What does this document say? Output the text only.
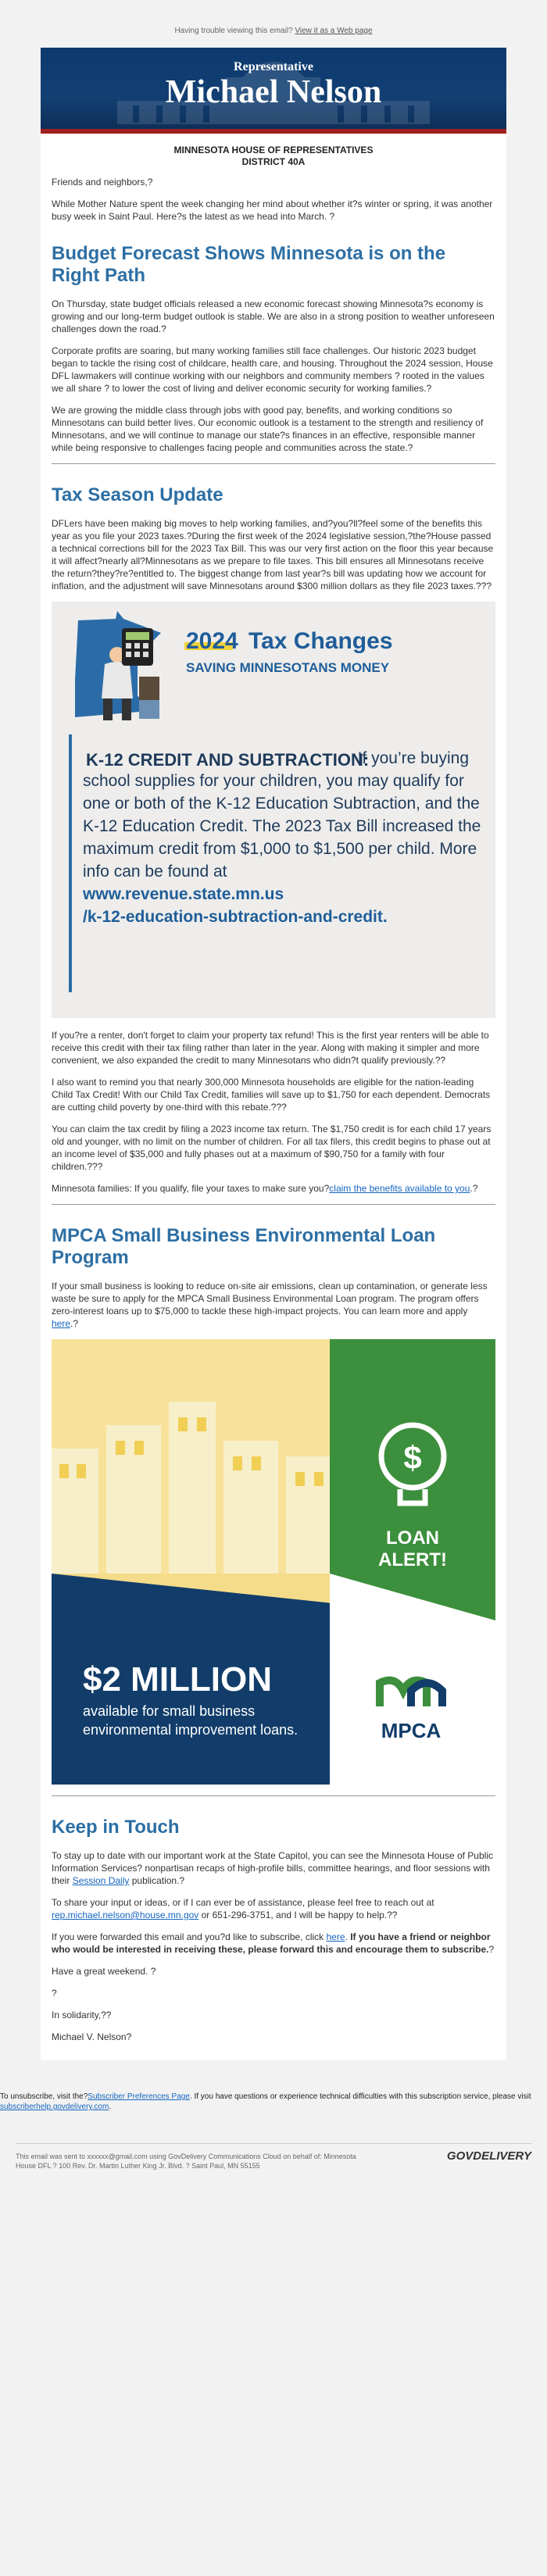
Having trouble viewing this email? View it as a Web page
Representative
Michael Nelson
MINNESOTA HOUSE OF REPRESENTATIVES
DISTRICT 40A

Friends and neighbors,?

While Mother Nature spent the week changing her mind about whether it?s winter or spring, it was another busy week in Saint Paul. Here?s the latest as we head into March. ?

Budget Forecast Shows Minnesota is on the Right Path

On Thursday, state budget officials released a new economic forecast showing Minnesota?s economy is growing and our long-term budget outlook is stable. We are also in a strong position to weather unforeseen challenges down the road.?

Corporate profits are soaring, but many working families still face challenges. Our historic 2023 budget began to tackle the rising cost of childcare, health care, and housing. Throughout the 2024 session, House DFL lawmakers will continue working with our neighbors and community members ? rooted in the values we all share ? to lower the cost of living and deliver economic security for working families.?

We are growing the middle class through jobs with good pay, benefits, and working conditions so Minnesotans can build better lives. Our economic outlook is a testament to the strength and resiliency of Minnesotans, and we will continue to manage our state?s finances in an effective, responsible manner while being responsive to challenges facing people and communities across the state.?

Tax Season Update

DFLers have been making big moves to help working families, and?you?ll?feel some of the benefits this year as you file your 2023 taxes.?During the first week of the 2024 legislative session,?the?House passed a technical corrections bill for the 2023 Tax Bill. This was our very first action on the floor this year because it will affect?nearly all?Minnesotans as we prepare to file taxes. This bill ensures all Minnesotans receive the return?they?re?entitled to. The biggest change from last year?s bill was updating how we account for inflation, and the adjustment will save Minnesotans around $300 million dollars as they file 2023 taxes.???

2024 Tax Changes
SAVING MINNESOTANS MONEY
K-12 CREDIT AND SUBTRACTION:
If you’re buying school supplies for your children, you may qualify for one or both of the K-12 Education Subtraction, and the K-12 Education Credit. The 2023 Tax Bill increased the maximum credit from $1,000 to $1,500 per child. More info can be found at
www.revenue.state.mn.us
/k-12-education-subtraction-and-credit.

If you?re a renter, don't forget to claim your property tax refund! This is the first year renters will be able to receive this credit with their tax filing rather than later in the year. Along with making it simpler and more convenient, we also expanded the credit to many Minnesotans who didn?t qualify previously.??

I also want to remind you that nearly 300,000 Minnesota households are eligible for the nation-leading Child Tax Credit! With our Child Tax Credit, families will save up to $1,750 for each dependent. Democrats are cutting child poverty by one-third with this rebate.???

You can claim the tax credit by filing a 2023 income tax return. The $1,750 credit is for each child 17 years old and younger, with no limit on the number of children. For all tax filers, this credit begins to phase out at an income level of $35,000 and fully phases out at a maximum of $90,750 for a family with four children.???

Minnesota families: If you qualify, file your taxes to make sure you?claim the benefits available to you.?

MPCA Small Business Environmental Loan Program

If your small business is looking to reduce on-site air emissions, clean up contamination, or generate less waste be sure to apply for the MPCA Small Business Environmental Loan program. The program offers zero-interest loans up to $75,000 to tackle these high-impact projects. You can learn more and apply here.?

$
LOAN
ALERT!
MPCA
$2 MILLION
available for small business
environmental improvement loans.
Keep in Touch

To stay up to date with our important work at the State Capitol, you can see the Minnesota House of Public Information Services? nonpartisan recaps of high-profile bills, committee hearings, and floor sessions with their Session Daily publication.?

To share your input or ideas, or if I can ever be of assistance, please feel free to reach out at rep.michael.nelson@house.mn.gov or 651-296-3751, and I will be happy to help.??

If you were forwarded this email and you?d like to subscribe, click here. If you have a friend or neighbor who would be interested in receiving these, please forward this and encourage them to subscribe.?

Have a great weekend. ?

?

In solidarity,??

Michael V. Nelson?

To unsubscribe, visit the?Subscriber Preferences Page. If you have questions or experience technical difficulties with this subscription service, please visit subscriberhelp.govdelivery.com.
This email was sent to xxxxxx@gmail.com using GovDelivery Communications Cloud on behalf of: Minnesota House DFL ? 100 Rev. Dr. Martin Luther King Jr. Blvd. ? Saint Paul, MN 55155
GOVDELIVERY
